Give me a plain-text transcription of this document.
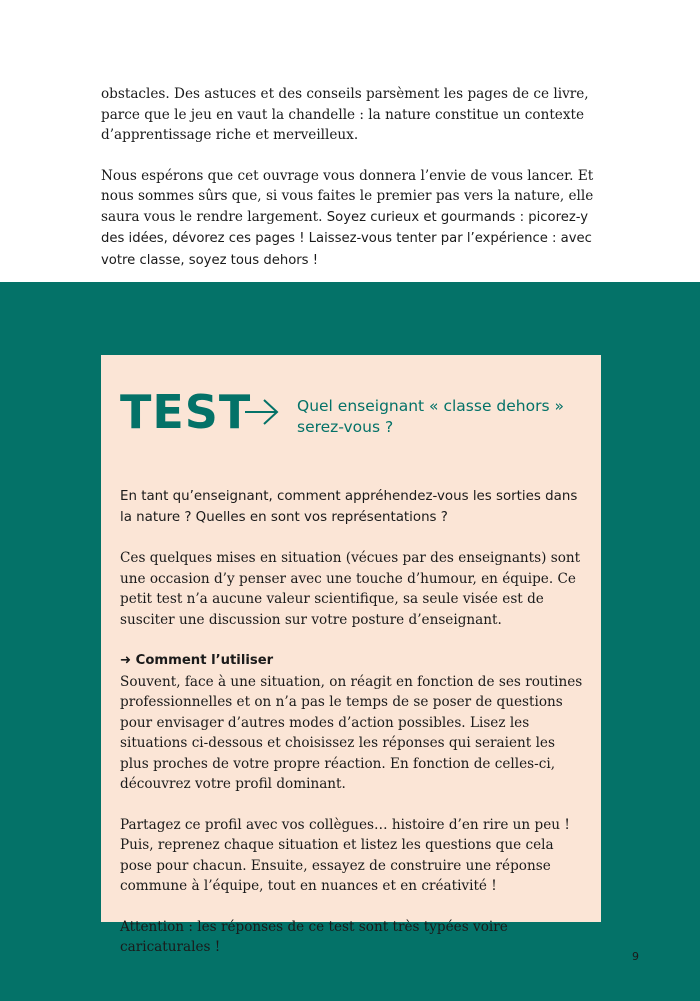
obstacles. Des astuces et des conseils parsèment les pages de ce livre, parce que le jeu en vaut la chandelle : la nature constitue un contexte d’apprentissage riche et merveilleux.

Nous espérons que cet ouvrage vous donnera l’envie de vous lancer. Et nous sommes sûrs que, si vous faites le premier pas vers la nature, elle saura vous le rendre largement. Soyez curieux et gourmands : picorez-y des idées, dévorez ces pages ! Laissez-vous tenter par l’expérience : avec votre classe, soyez tous dehors !

TEST	Quel enseignant « classe dehors » serez-vous ?

En tant qu’enseignant, comment appréhendez-vous les sorties dans la nature ? Quelles en sont vos représentations ?

Ces quelques mises en situation (vécues par des enseignants) sont une occasion d’y penser avec une touche d’humour, en équipe. Ce petit test n’a aucune valeur scientifique, sa seule visée est de susciter une discussion sur votre posture d’enseignant.

➜ Comment l’utiliser
Souvent, face à une situation, on réagit en fonction de ses routines professionnelles et on n’a pas le temps de se poser de questions pour envisager d’autres modes d’action possibles. Lisez les situations ci-dessous et choisissez les réponses qui seraient les plus proches de votre propre réaction. En fonction de celles-ci, découvrez votre profil dominant.

Partagez ce profil avec vos collègues… histoire d’en rire un peu ! Puis, reprenez chaque situation et listez les questions que cela pose pour chacun. Ensuite, essayez de construire une réponse commune à l’équipe, tout en nuances et en créativité !

Attention : les réponses de ce test sont très typées voire caricaturales !

9
